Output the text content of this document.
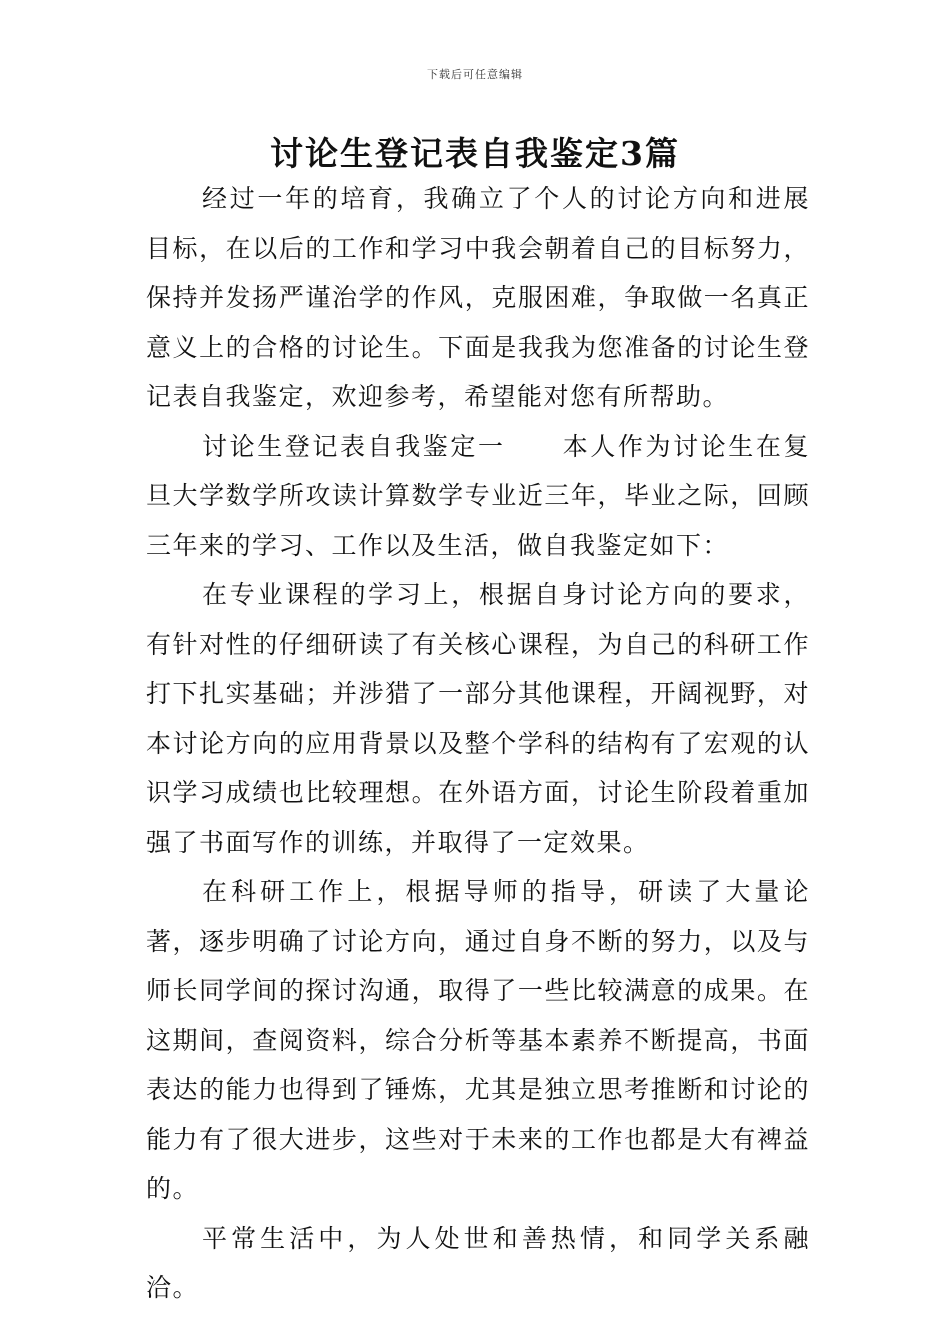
下载后可任意编辑
讨论生登记表自我鉴定3篇

经过一年的培育，我确立了个人的讨论方向和进展目标，在以后的工作和学习中我会朝着自己的目标努力，保持并发扬严谨治学的作风，克服困难，争取做一名真正意义上的合格的讨论生。下面是我我为您准备的讨论生登记表自我鉴定，欢迎参考，希望能对您有所帮助。

讨论生登记表自我鉴定一 本人作为讨论生在复旦大学数学所攻读计算数学专业近三年，毕业之际，回顾三年来的学习、工作以及生活，做自我鉴定如下：

在专业课程的学习上，根据自身讨论方向的要求，有针对性的仔细研读了有关核心课程，为自己的科研工作打下扎实基础；并涉猎了一部分其他课程，开阔视野，对本讨论方向的应用背景以及整个学科的结构有了宏观的认识学习成绩也比较理想。在外语方面，讨论生阶段着重加强了书面写作的训练，并取得了一定效果。

在科研工作上，根据导师的指导，研读了大量论著，逐步明确了讨论方向，通过自身不断的努力，以及与师长同学间的探讨沟通，取得了一些比较满意的成果。在这期间，查阅资料，综合分析等基本素养不断提高，书面表达的能力也得到了锤炼，尤其是独立思考推断和讨论的能力有了很大进步，这些对于未来的工作也都是大有裨益的。

平常生活中，为人处世和善热情，和同学关系融洽。
